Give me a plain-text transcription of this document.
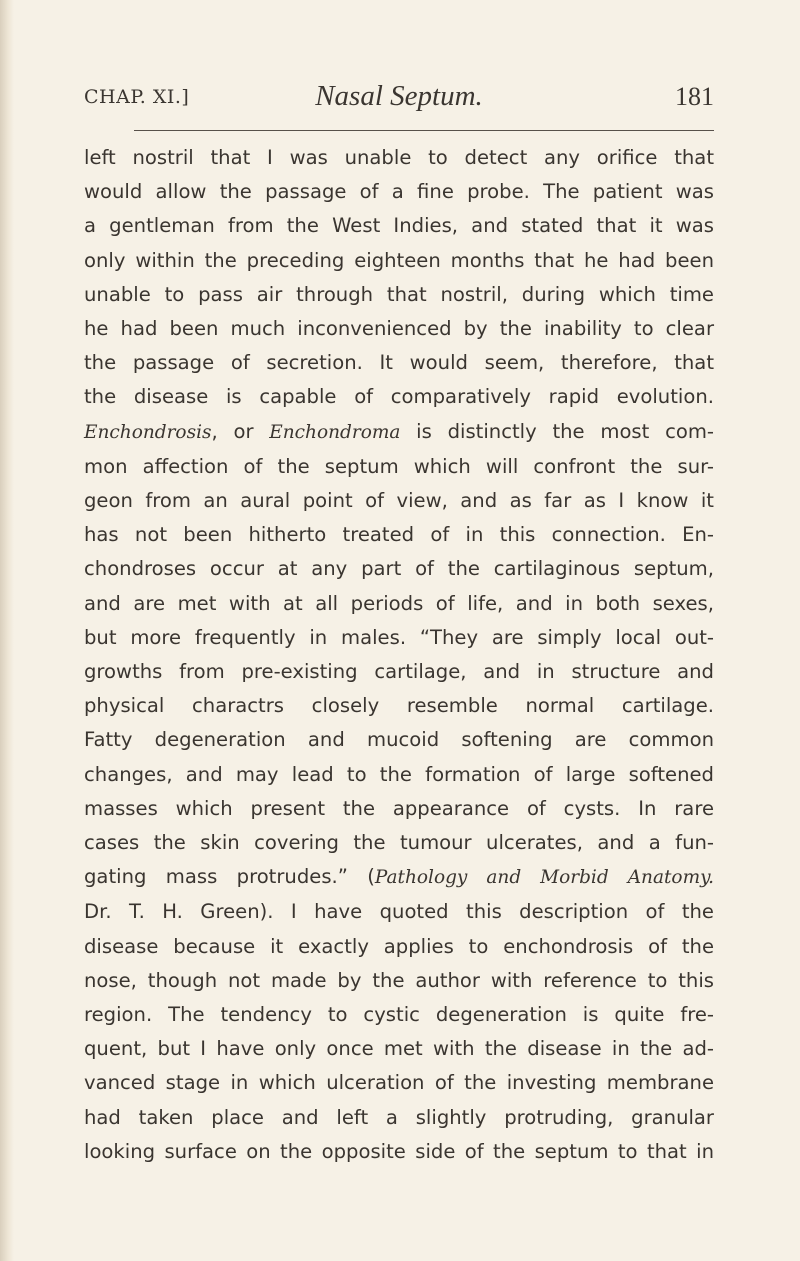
CHAP. XI.]	Nasal Septum.	181
left nostril that I was unable to detect any orifice that
would allow the passage of a fine probe. The patient was
a gentleman from the West Indies, and stated that it was
only within the preceding eighteen months that he had been
unable to pass air through that nostril, during which time
he had been much inconvenienced by the inability to clear
the passage of secretion. It would seem, therefore, that
the disease is capable of comparatively rapid evolution.
Enchondrosis, or Enchondroma is distinctly the most com-
mon affection of the septum which will confront the sur-
geon from an aural point of view, and as far as I know it
has not been hitherto treated of in this connection. En-
chondroses occur at any part of the cartilaginous septum,
and are met with at all periods of life, and in both sexes,
but more frequently in males. “They are simply local out-
growths from pre-existing cartilage, and in structure and
physical charactrs closely resemble normal cartilage.
Fatty degeneration and mucoid softening are common
changes, and may lead to the formation of large softened
masses which present the appearance of cysts. In rare
cases the skin covering the tumour ulcerates, and a fun-
gating mass protrudes.” (Pathology and Morbid Anatomy.
Dr. T. H. Green). I have quoted this description of the
disease because it exactly applies to enchondrosis of the
nose, though not made by the author with reference to this
region. The tendency to cystic degeneration is quite fre-
quent, but I have only once met with the disease in the ad-
vanced stage in which ulceration of the investing membrane
had taken place and left a slightly protruding, granular
looking surface on the opposite side of the septum to that in
